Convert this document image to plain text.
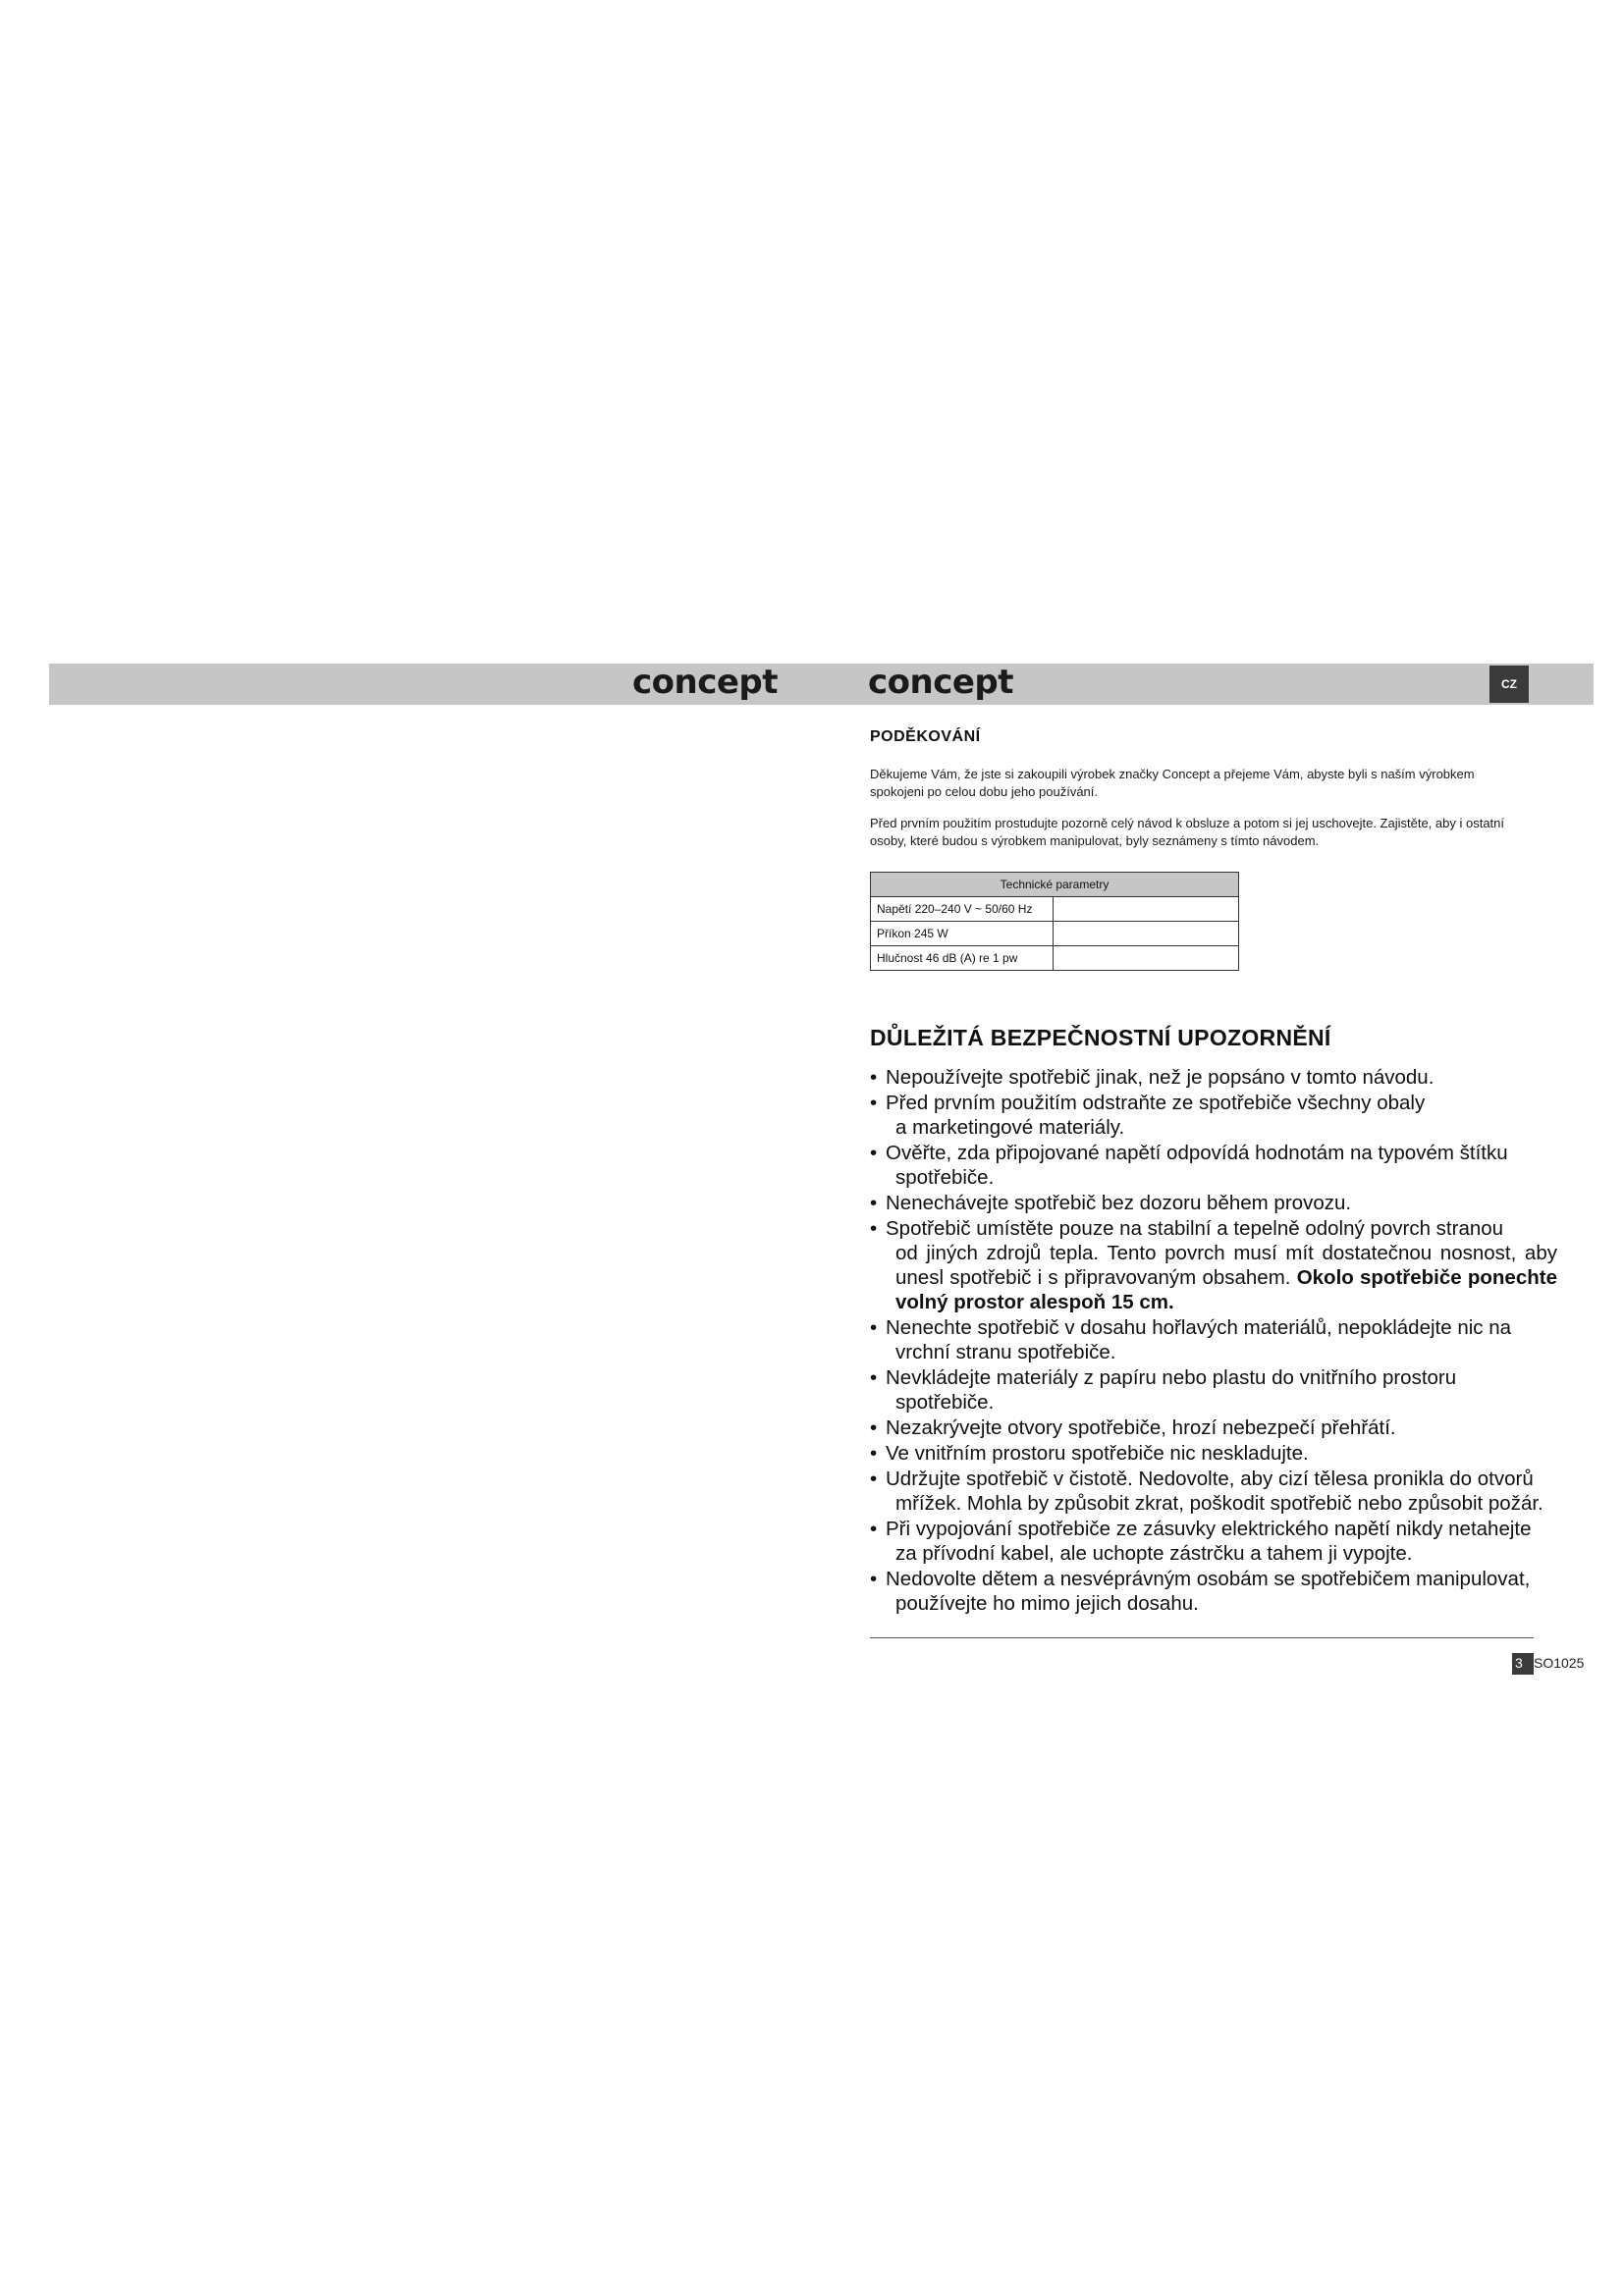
concept	concept	CZ
PODĚKOVÁNÍ
Děkujeme Vám, že jste si zakoupili výrobek značky Concept a přejeme Vám, abyste byli s naším výrobkem spokojeni po celou dobu jeho používání.
Před prvním použitím prostudujte pozorně celý návod k obsluze a potom si jej uschovejte. Zajistěte, aby i ostatní osoby, které budou s výrobkem manipulovat, byly seznámeny s tímto návodem.
Technické parametry	
Napětí 220–240 V ~ 50/60 Hz	
Příkon 245 W	
Hlučnost 46 dB (A) re 1 pw	
DŮLEŽITÁ BEZPEČNOSTNÍ UPOZORNĚNÍ
• Nepoužívejte spotřebič jinak, než je popsáno v tomto návodu.
• Před prvním použitím odstraňte ze spotřebiče všechny obaly
a marketingové materiály.
• Ověřte, zda připojované napětí odpovídá hodnotám na typovém štítku
spotřebiče.
• Nenechávejte spotřebič bez dozoru během provozu.
• Spotřebič umístěte pouze na stabilní a tepelně odolný povrch stranou
od jiných zdrojů tepla. Tento povrch musí mít dostatečnou nosnost, aby unesl spotřebič i s připravovaným obsahem. Okolo spotřebiče ponechte volný prostor alespoň 15 cm.
• Nenechte spotřebič v dosahu hořlavých materiálů, nepokládejte nic na
vrchní stranu spotřebiče.
• Nevkládejte materiály z papíru nebo plastu do vnitřního prostoru
spotřebiče.
• Nezakrývejte otvory spotřebiče, hrozí nebezpečí přehřátí.
• Ve vnitřním prostoru spotřebiče nic neskladujte.
• Udržujte spotřebič v čistotě. Nedovolte, aby cizí tělesa pronikla do otvorů
mřížek. Mohla by způsobit zkrat, poškodit spotřebič nebo způsobit požár.
• Při vypojování spotřebiče ze zásuvky elektrického napětí nikdy netahejte
za přívodní kabel, ale uchopte zástrčku a tahem ji vypojte.
• Nedovolte dětem a nesvéprávným osobám se spotřebičem manipulovat,
používejte ho mimo jejich dosahu.
3 SO1025
